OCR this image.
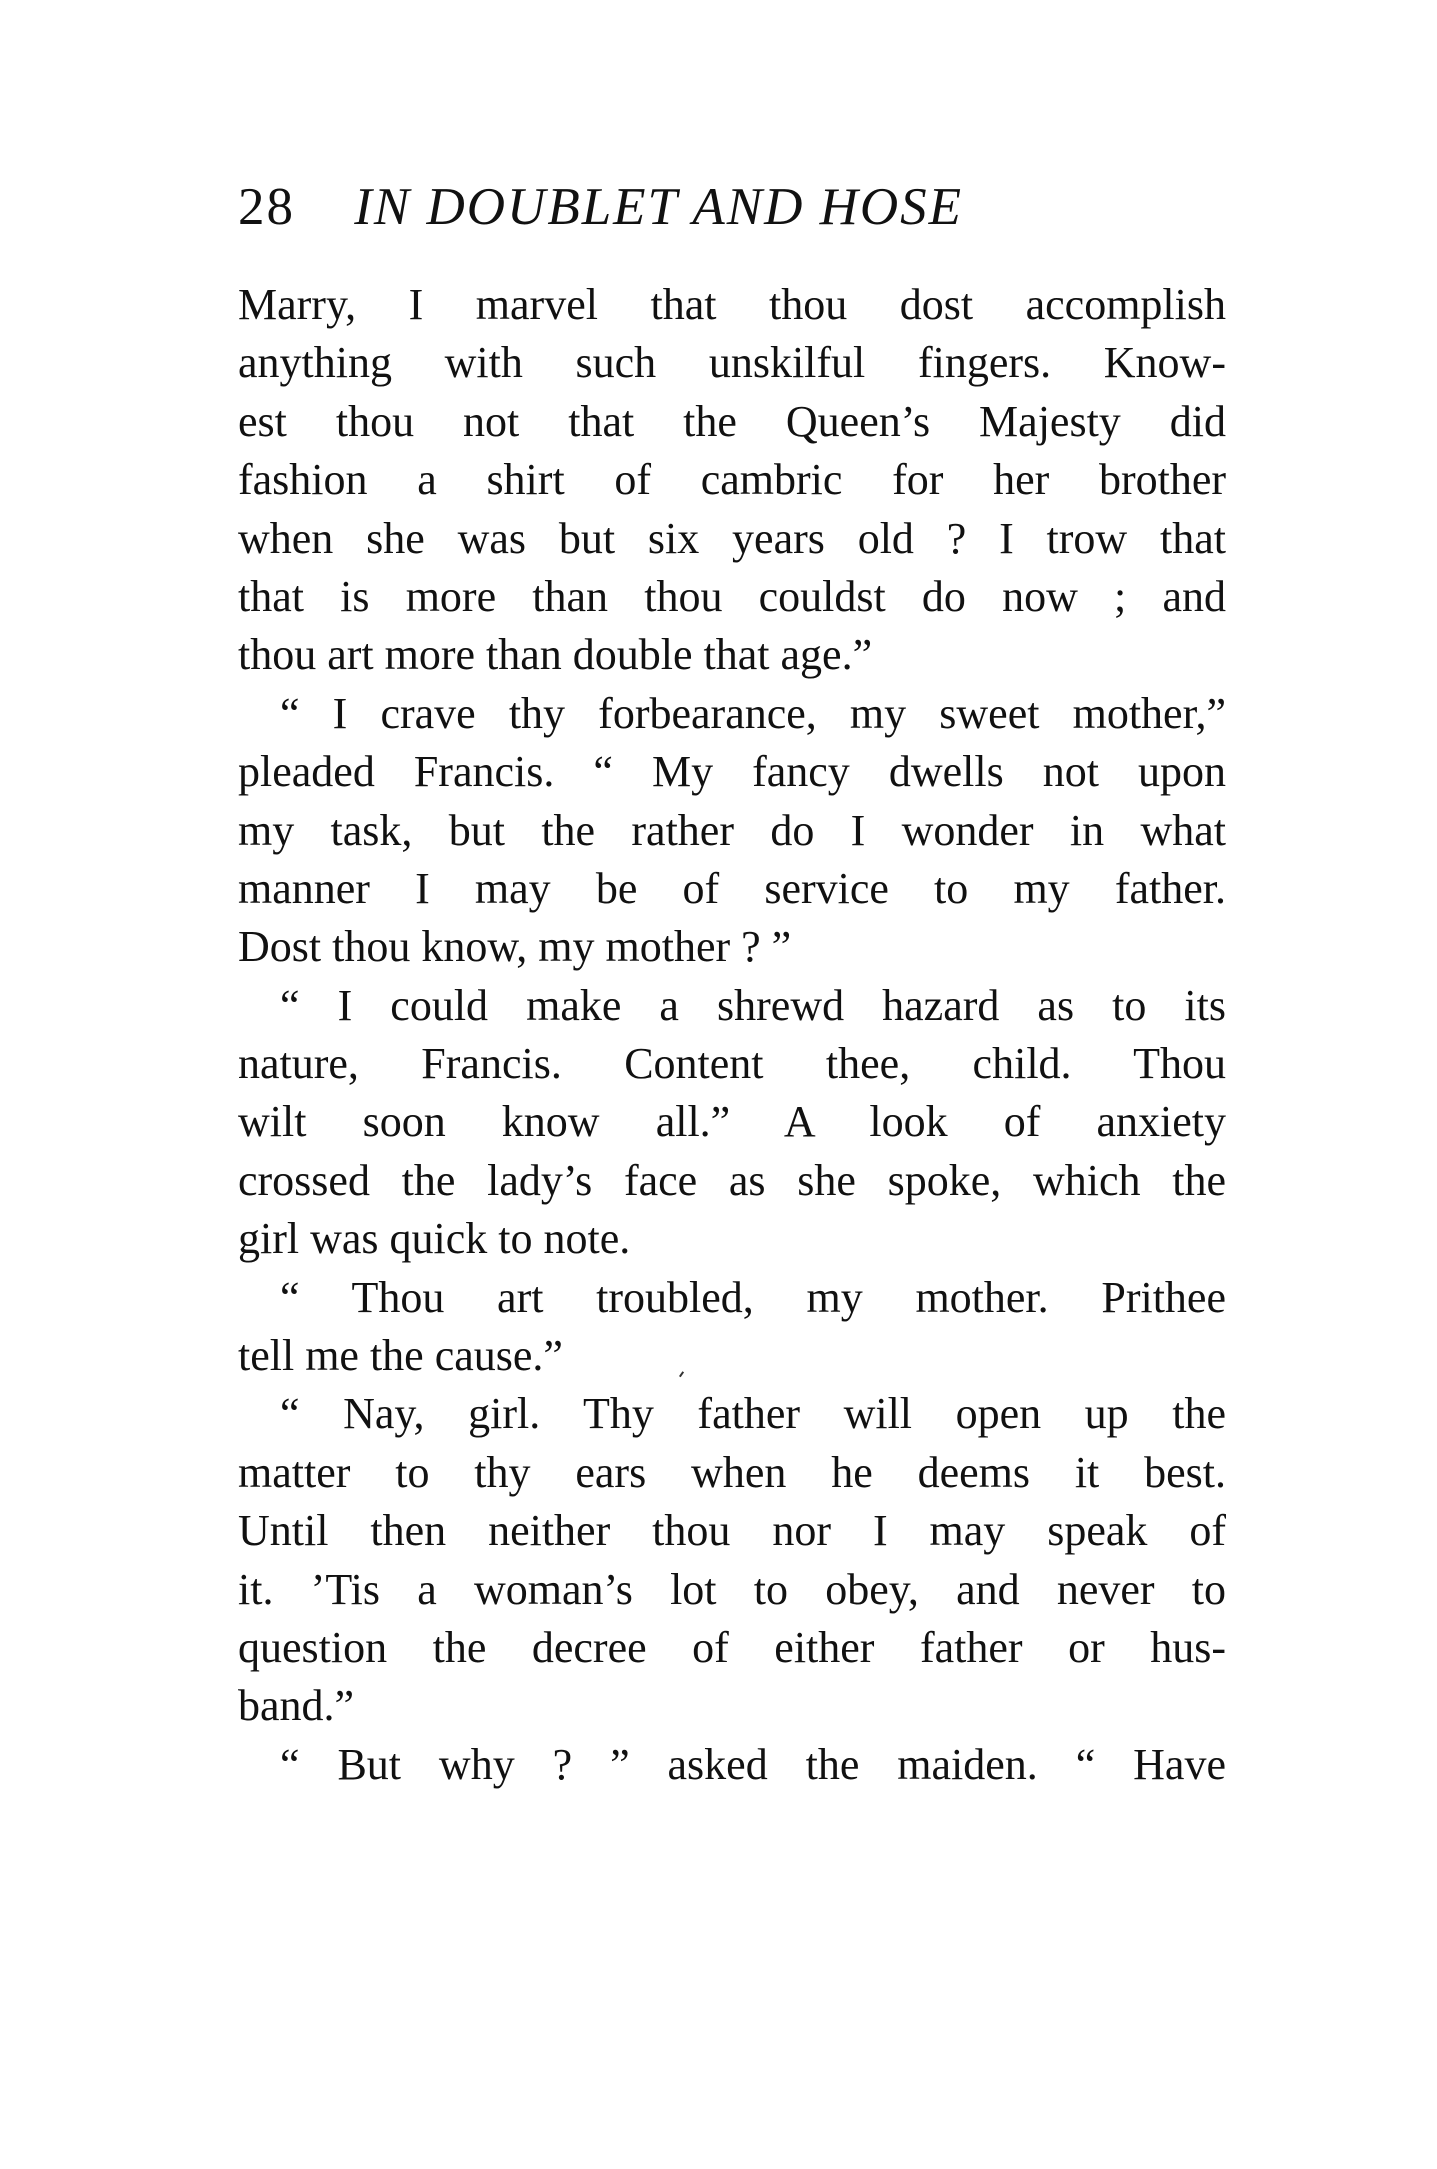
28 IN DOUBLET AND HOSE
Marry, I marvel that thou dost accomplish
anything with such unskilful fingers. Know-
est thou not that the Queen’s Majesty did
fashion a shirt of cambric for her brother
when she was but six years old ? I trow that
that is more than thou couldst do now ; and
thou art more than double that age.”
“ I crave thy forbearance, my sweet mother,”
pleaded Francis. “ My fancy dwells not upon
my task, but the rather do I wonder in what
manner I may be of service to my father.
Dost thou know, my mother ? ”
“ I could make a shrewd hazard as to its
nature, Francis. Content thee, child. Thou
wilt soon know all.” A look of anxiety
crossed the lady’s face as she spoke, which the
girl was quick to note.
“ Thou art troubled, my mother. Prithee
tell me the cause.”
“ Nay, girl. Thy father will open up the
matter to thy ears when he deems it best.
Until then neither thou nor I may speak of
it. ’Tis a woman’s lot to obey, and never to
question the decree of either father or hus-
band.”
“ But why ? ” asked the maiden. “ Have
